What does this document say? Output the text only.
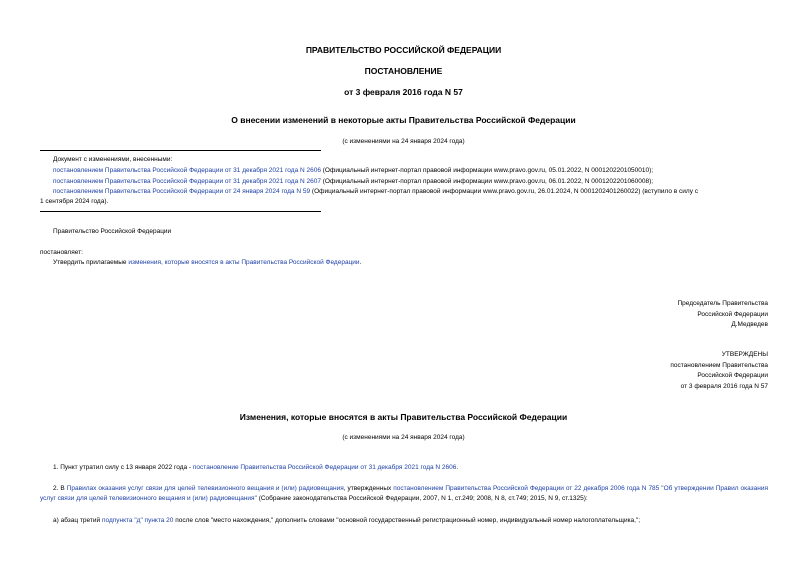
ПРАВИТЕЛЬСТВО РОССИЙСКОЙ ФЕДЕРАЦИИ
ПОСТАНОВЛЕНИЕ
от 3 февраля 2016 года N 57
О внесении изменений в некоторые акты Правительства Российской Федерации
(с изменениями на 24 января 2024 года)
Документ с изменениями, внесенными:
постановлением Правительства Российской Федерации от 31 декабря 2021 года N 2606 (Официальный интернет-портал правовой информации www.pravo.gov.ru, 05.01.2022, N 0001202201050010);
постановлением Правительства Российской Федерации от 31 декабря 2021 года N 2607 (Официальный интернет-портал правовой информации www.pravo.gov.ru, 06.01.2022, N 0001202201060008);
постановлением Правительства Российской Федерации от 24 января 2024 года N 59 (Официальный интернет-портал правовой информации www.pravo.gov.ru, 26.01.2024, N 0001202401260022) (вступило в силу с
1 сентября 2024 года).
Правительство Российской Федерации
постановляет:
Утвердить прилагаемые изменения, которые вносятся в акты Правительства Российской Федерации.
Председатель Правительства
Российской Федерации
Д.Медведев
УТВЕРЖДЕНЫ
постановлением Правительства
Российской Федерации
от 3 февраля 2016 года N 57
Изменения, которые вносятся в акты Правительства Российской Федерации
(с изменениями на 24 января 2024 года)
1. Пункт утратил силу с 13 января 2022 года - постановление Правительства Российской Федерации от 31 декабря 2021 года N 2606.
2. В Правилах оказания услуг связи для целей телевизионного вещания и (или) радиовещания, утвержденных постановлением Правительства Российской Федерации от 22 декабря 2006 года N 785 "Об утверждении Правил оказания услуг связи для целей телевизионного вещания и (или) радиовещания" (Собрание законодательства Российской Федерации, 2007, N 1, ст.249; 2008, N 8, ст.749; 2015, N 9, ст.1325):
а) абзац третий подпункта "д" пункта 20 после слов "место нахождения," дополнить словами "основной государственный регистрационный номер, индивидуальный номер налогоплательщика,";
